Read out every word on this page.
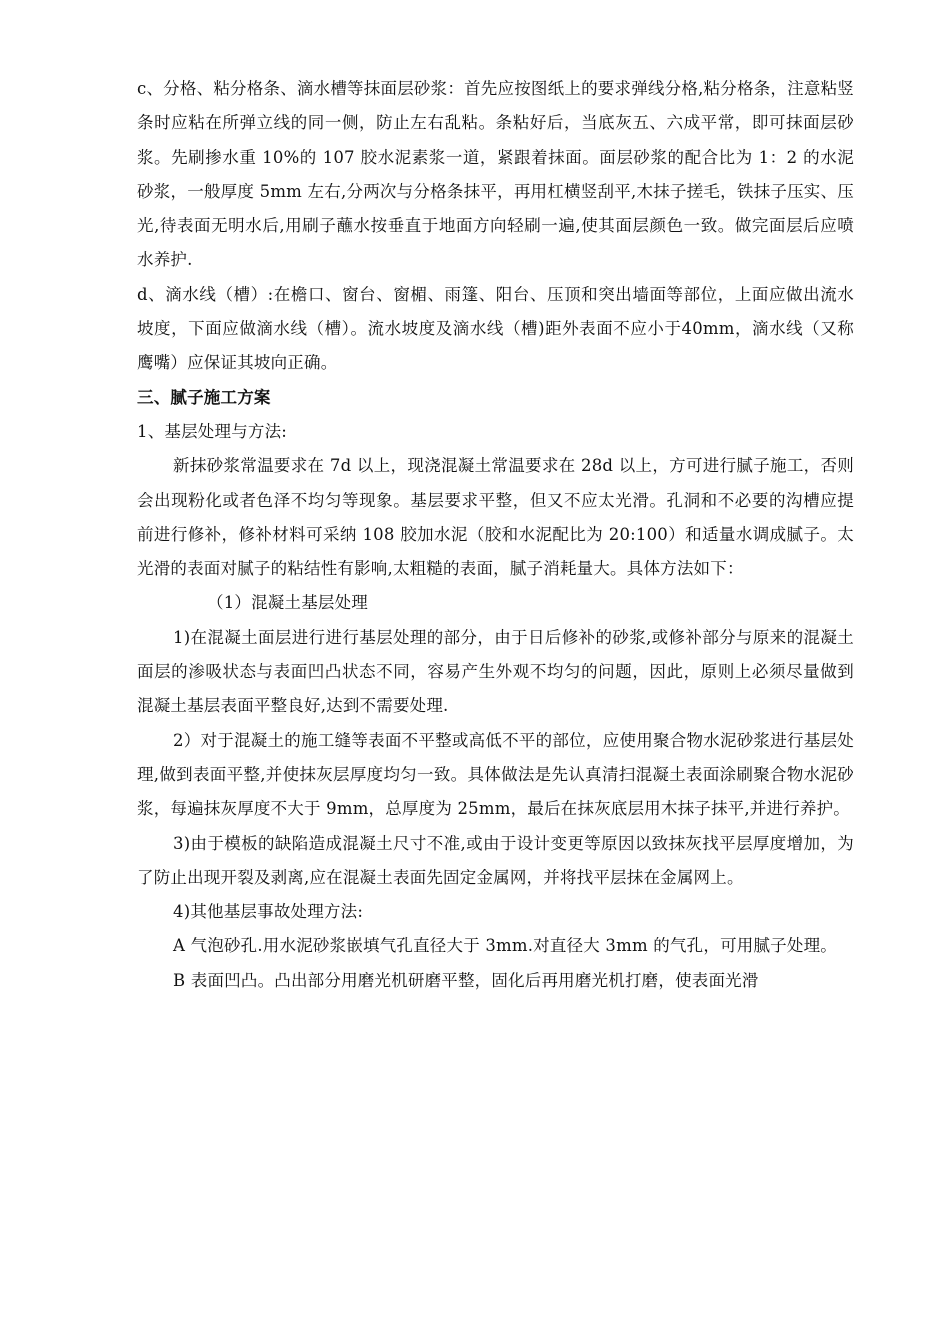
c、分格、粘分格条、滴水槽等抹面层砂浆：首先应按图纸上的要求弹线分格,粘分格条，注意粘竖条时应粘在所弹立线的同一侧，防止左右乱粘。条粘好后，当底灰五、六成平常，即可抹面层砂浆。先刷掺水重 10%的 107 胶水泥素浆一道，紧跟着抹面。面层砂浆的配合比为 1：2 的水泥砂浆，一般厚度 5mm 左右,分两次与分格条抹平，再用杠横竖刮平,木抹子搓毛，铁抹子压实、压光,待表面无明水后,用刷子蘸水按垂直于地面方向轻刷一遍,使其面层颜色一致。做完面层后应喷水养护.

d、滴水线（槽）:在檐口、窗台、窗楣、雨篷、阳台、压顶和突出墙面等部位，上面应做出流水坡度，下面应做滴水线（槽）。流水坡度及滴水线（槽)距外表面不应小于40mm，滴水线（又称鹰嘴）应保证其坡向正确。

三、腻子施工方案

1、基层处理与方法:

新抹砂浆常温要求在 7d 以上，现浇混凝土常温要求在 28d 以上，方可进行腻子施工，否则会出现粉化或者色泽不均匀等现象。基层要求平整，但又不应太光滑。孔洞和不必要的沟槽应提前进行修补，修补材料可采纳 108 胶加水泥（胶和水泥配比为 20:100）和适量水调成腻子。太光滑的表面对腻子的粘结性有影响,太粗糙的表面，腻子消耗量大。具体方法如下：

（1）混凝土基层处理

1)在混凝土面层进行进行基层处理的部分，由于日后修补的砂浆,或修补部分与原来的混凝土面层的渗吸状态与表面凹凸状态不同，容易产生外观不均匀的问题，因此，原则上必须尽量做到混凝土基层表面平整良好,达到不需要处理.

2）对于混凝土的施工缝等表面不平整或高低不平的部位，应使用聚合物水泥砂浆进行基层处理,做到表面平整,并使抹灰层厚度均匀一致。具体做法是先认真清扫混凝土表面涂刷聚合物水泥砂浆，每遍抹灰厚度不大于 9mm，总厚度为 25mm，最后在抹灰底层用木抹子抹平,并进行养护。

3)由于模板的缺陷造成混凝土尺寸不准,或由于设计变更等原因以致抹灰找平层厚度增加，为了防止出现开裂及剥离,应在混凝土表面先固定金属网，并将找平层抹在金属网上。

4)其他基层事故处理方法:

A 气泡砂孔.用水泥砂浆嵌填气孔直径大于 3mm.对直径大 3mm 的气孔，可用腻子处理。

B 表面凹凸。凸出部分用磨光机研磨平整，固化后再用磨光机打磨，使表面光滑
